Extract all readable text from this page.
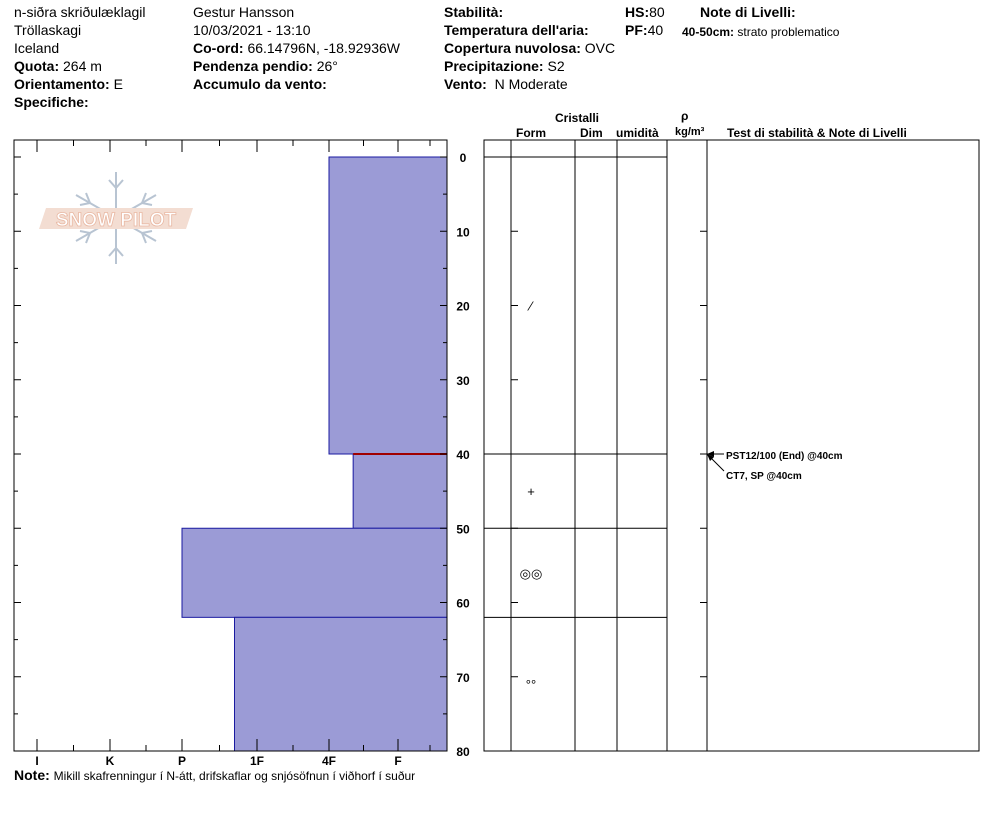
n-siðra skriðulæklagil
Tröllaskagi
Iceland
Quota: 264 m
Orientamento: E
Specifiche:
Gestur Hansson
10/03/2021 - 13:10
Co-ord: 66.14796N, -18.92936W
Pendenza pendio: 26°
Accumulo da vento:
Stabilità:
Temperatura dell'aria:
Copertura nuvolosa: OVC
Precipitazione: S2
Vento: N Moderate
HS:80
PF:40
Note di Livelli:
40-50cm: strato problematico
Cristalli
Form	Dim umidità
ρ
kg/m³ Test di stabilità & Note di Livelli
I	K	P	1F	4F	F
0
10
20
30
40
50
60
70
80
⁄
+
◎◎
°°
PST12/100 (End) @40cm
CT7, SP @40cm
SNOW PILOT
Note: Mikill skafrenningur í N-átt, drifskaflar og snjósöfnun í viðhorf í suður
